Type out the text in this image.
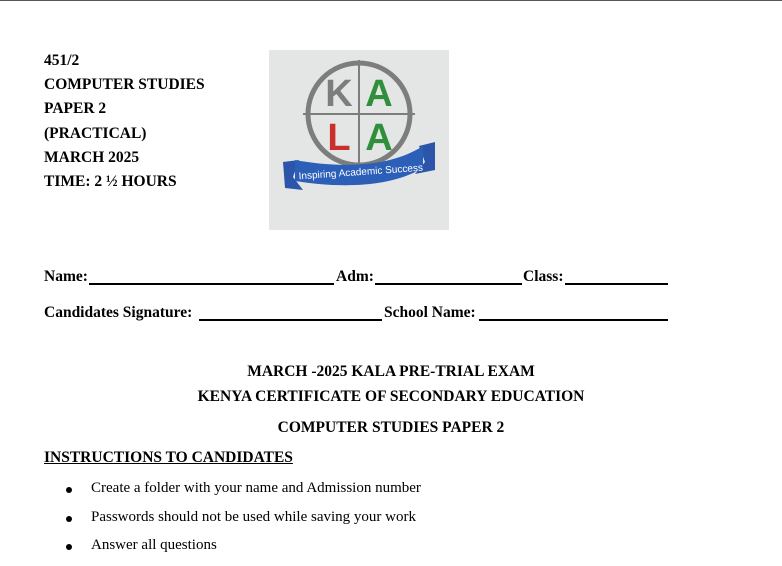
451/2
COMPUTER STUDIES
PAPER 2
(PRACTICAL)
MARCH 2025
TIME: 2 ½ HOURS
K A
L A
Inspiring Academic Success
Name:	Adm:	Class:
Candidates Signature:	School Name:
MARCH -2025 KALA PRE-TRIAL EXAM
KENYA CERTIFICATE OF SECONDARY EDUCATION
COMPUTER STUDIES PAPER 2
INSTRUCTIONS TO CANDIDATES
Create a folder with your name and Admission number
Passwords should not be used while saving your work
Answer all questions
